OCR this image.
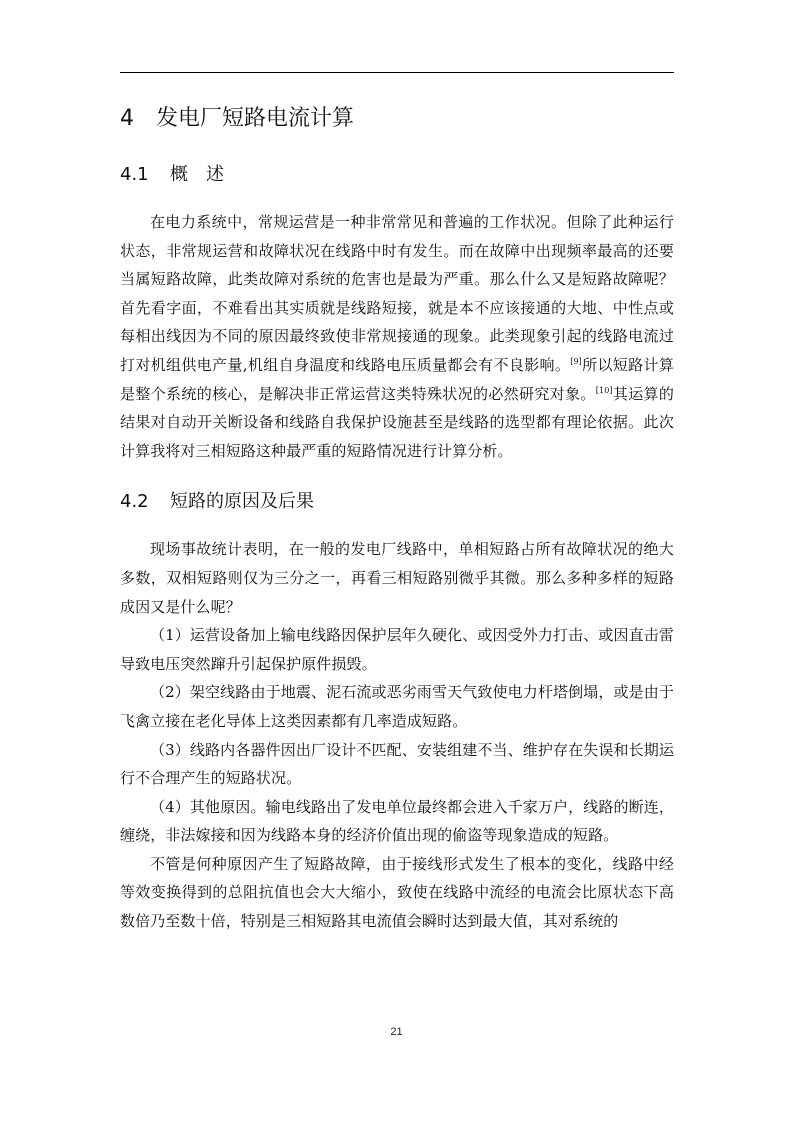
4 发电厂短路电流计算
4.1 概　述

在电力系统中，常规运营是一种非常常见和普遍的工作状况。但除了此种运行状态，非常规运营和故障状况在线路中时有发生。而在故障中出现频率最高的还要当属短路故障，此类故障对系统的危害也是最为严重。那么什么又是短路故障呢？首先看字面，不难看出其实质就是线路短接，就是本不应该接通的大地、中性点或每相出线因为不同的原因最终致使非常规接通的现象。此类现象引起的线路电流过打对机组供电产量,机组自身温度和线路电压质量都会有不良影响。[9]所以短路计算是整个系统的核心，是解决非正常运营这类特殊状况的必然研究对象。[10]其运算的结果对自动开关断设备和线路自我保护设施甚至是线路的选型都有理论依据。此次计算我将对三相短路这种最严重的短路情况进行计算分析。

4.2 短路的原因及后果

现场事故统计表明，在一般的发电厂线路中，单相短路占所有故障状况的绝大多数，双相短路则仅为三分之一，再看三相短路别微乎其微。那么多种多样的短路成因又是什么呢？

（1）运营设备加上输电线路因保护层年久硬化、或因受外力打击、或因直击雷导致电压突然蹿升引起保护原件损毁。

（2）架空线路由于地震、泥石流或恶劣雨雪天气致使电力杆塔倒塌，或是由于飞禽立接在老化导体上这类因素都有几率造成短路。

（3）线路内各器件因出厂设计不匹配、安装组建不当、维护存在失误和长期运行不合理产生的短路状况。

（4）其他原因。输电线路出了发电单位最终都会进入千家万户，线路的断连，缠绕，非法嫁接和因为线路本身的经济价值出现的偷盗等现象造成的短路。

不管是何种原因产生了短路故障，由于接线形式发生了根本的变化，线路中经等效变换得到的总阻抗值也会大大缩小，致使在线路中流经的电流会比原状态下高数倍乃至数十倍，特别是三相短路其电流值会瞬时达到最大值，其对系统的

21
